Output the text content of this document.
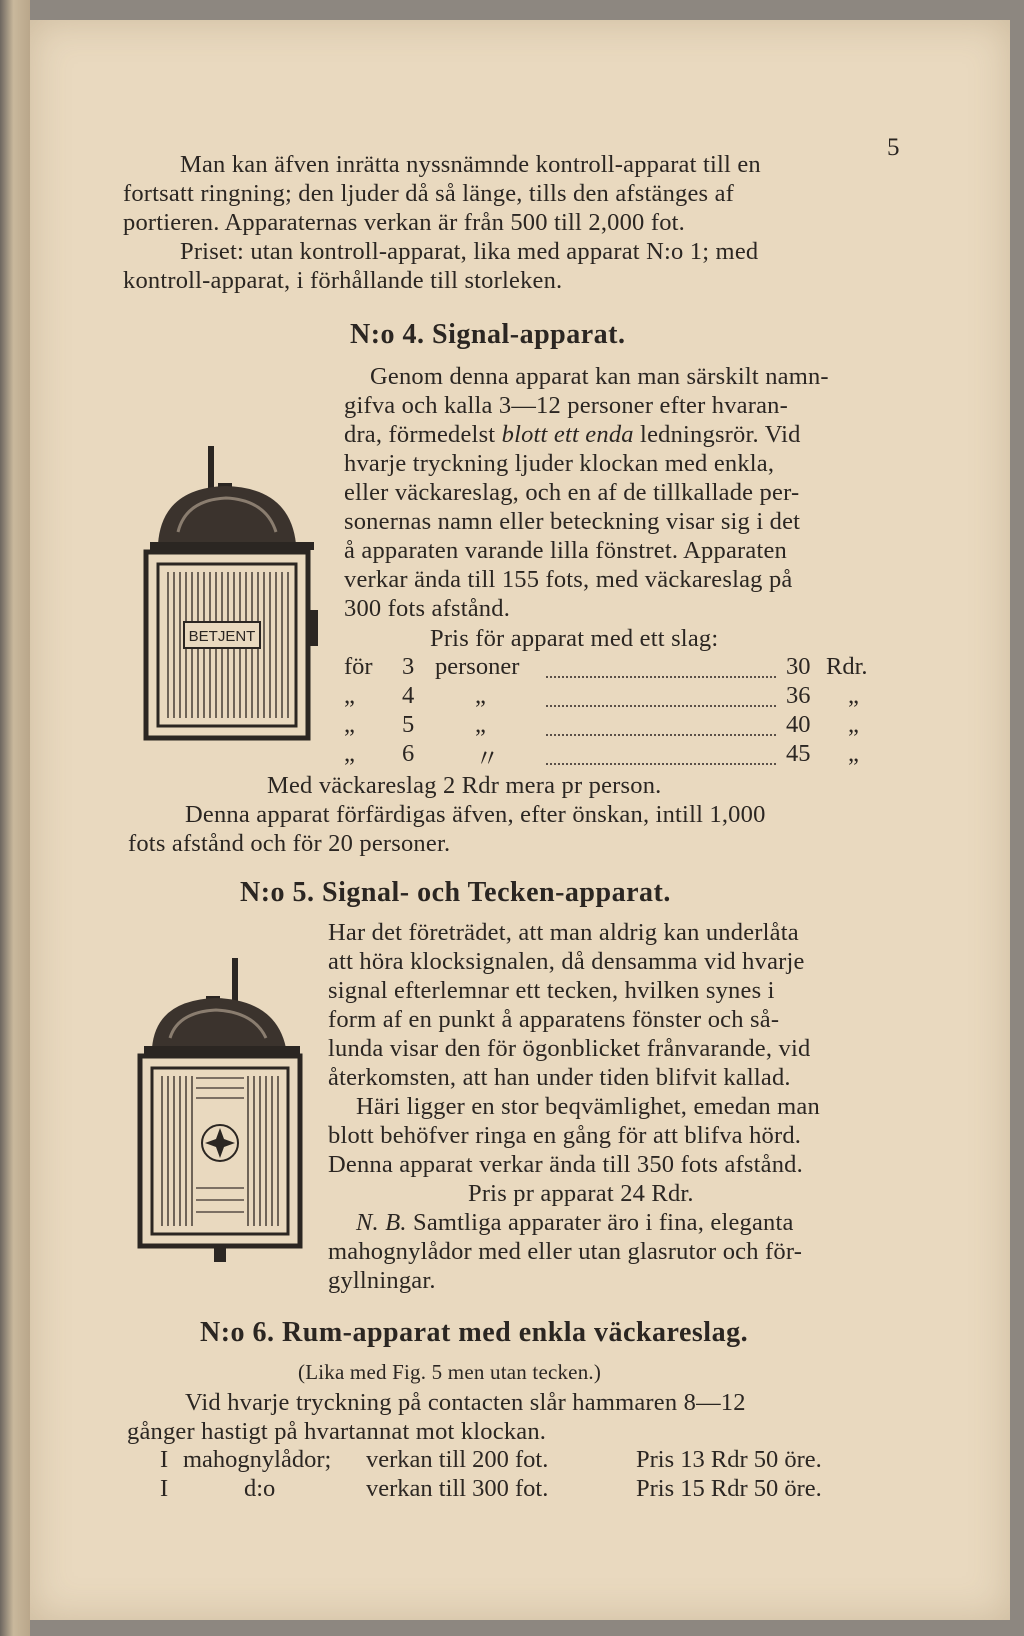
5
Man kan äfven inrätta nyssnämnde kontroll-apparat till en
fortsatt ringning; den ljuder då så länge, tills den afstänges af
portieren. Apparaternas verkan är från 500 till 2,000 fot.
Priset: utan kontroll-apparat, lika med apparat N:o 1; med
kontroll-apparat, i förhållande till storleken.
N:o 4. Signal-apparat.
Genom denna apparat kan man särskilt namn-
gifva och kalla 3—12 personer efter hvaran-
dra, förmedelst blott ett enda ledningsrör. Vid
hvarje tryckning ljuder klockan med enkla,
eller väckareslag, och en af de tillkallade per-
sonernas namn eller beteckning visar sig i det
å apparaten varande lilla fönstret. Apparaten
verkar ända till 155 fots, med väckareslag på
300 fots afstånd.
BETJENT	Pris för apparat med ett slag:
för 3 personer	30 Rdr.
„ 4 „	36 „
„ 5 „	40 „
„ 6 〃	45 „
Med väckareslag 2 Rdr mera pr person.
Denna apparat förfärdigas äfven, efter önskan, intill 1,000
fots afstånd och för 20 personer.
N:o 5. Signal- och Tecken-apparat.
Har det företrädet, att man aldrig kan underlåta
att höra klocksignalen, då densamma vid hvarje
signal efterlemnar ett tecken, hvilken synes i
form af en punkt å apparatens fönster och så-
lunda visar den för ögonblicket frånvarande, vid
återkomsten, att han under tiden blifvit kallad.
Häri ligger en stor beqvämlighet, emedan man
blott behöfver ringa en gång för att blifva hörd.
Denna apparat verkar ända till 350 fots afstånd.
Pris pr apparat 24 Rdr.
N. B. Samtliga apparater äro i fina, eleganta
mahognylådor med eller utan glasrutor och för-
gyllningar.
N:o 6. Rum-apparat med enkla väckareslag.
(Lika med Fig. 5 men utan tecken.)
Vid hvarje tryckning på contacten slår hammaren 8—12
gånger hastigt på hvartannat mot klockan.
I mahognylådor; verkan till 200 fot.	Pris 13 Rdr 50 öre.
I	d:o	verkan till 300 fot.	Pris 15 Rdr 50 öre.
